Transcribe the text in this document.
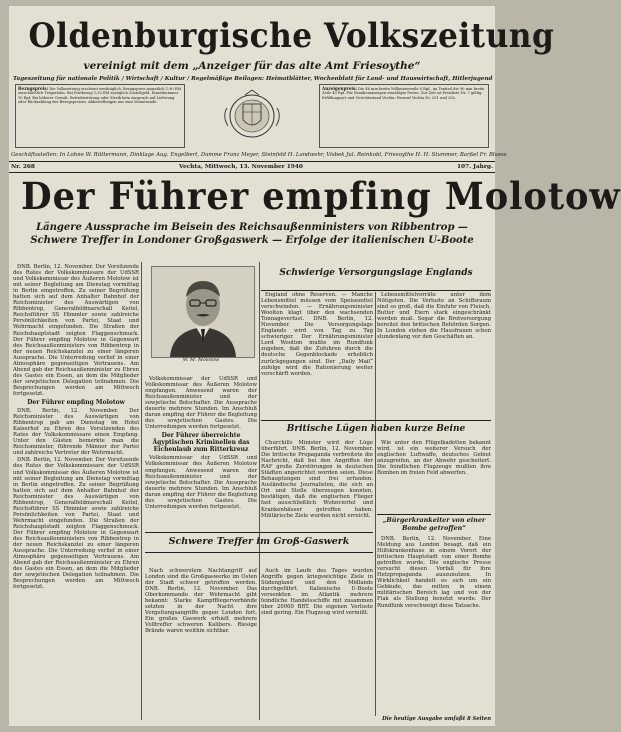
Oldenburgische Volkszeitung
vereinigt mit dem „Anzeiger für das alte Amt Friesoythe“
Tageszeitung für nationale Politik / Wirtschaft / Kultur / Regelmäßige Beilagen: Heimatblätter, Wochenblatt für Land- und Hauswirtschaft, Hitlerjugend
Bezugspreis: Die Volkszeitung erscheint werktäglich. Bezugspreis monatlich 1,90 RM einschließlich Trägerlohn. Bei Postbezug 1,92 RM zuzüglich Zustellgeld. Einzelnummer 10 Rpf. Bei höherer Gewalt, Betriebsstörung oder Streik kein Anspruch auf Lieferung oder Rückzahlung des Bezugspreises. Abbestellungen nur zum Monatsende.
Anzeigenpreis: Die 46 mm breite Millimeterzeile 8 Rpf., im Textteil die 90 mm breite Zeile 40 Rpf. Für Familienanzeigen ermäßigte Preise. Zur Zeit ist Preisliste Nr. 7 gültig. Erfüllungsort und Gerichtsstand Vechta. Fernruf Vechta Nr. 201 und 202.
Geschäftsstellen: In Lohne W. Rüttermann, Dinklage Aug. Engelbert, Damme Franz Meyer, Steinfeld H. Landwehr, Visbek Jul. Reinkobl, Friesoythe H. H. Stummer, Barßel Fr. Blaess
Nr. 268	Vechta, Mittwoch, 13. November 1940	107. Jahrg.
Der Führer empfing Molotow
Längere Aussprache im Beisein des Reichsaußenministers von Ribbentrop — Schwere Treffer in Londoner Großgaswerk — Erfolge der italienischen U-Boote

DNB. Berlin, 12. November. Der Vorsitzende des Rates der Volkskommissare der UdSSR und Volkskommissar des Äußeren Molotow ist mit seiner Begleitung am Dienstag vormittag in Berlin eingetroffen. Zu seiner Begrüßung hatten sich auf dem Anhalter Bahnhof der Reichsminister des Auswärtigen von Ribbentrop, Generalfeldmarschall Keitel, Reichsführer SS Himmler sowie zahlreiche Persönlichkeiten von Partei, Staat und Wehrmacht eingefunden. Die Straßen der Reichshauptstadt zeigten Flaggenschmuck. Der Führer empfing Molotow in Gegenwart des Reichsaußenministers von Ribbentrop in der neuen Reichskanzlei zu einer längeren Aussprache. Die Unterredung verlief in einer Atmosphäre gegenseitigen Vertrauens. Am Abend gab der Reichsaußenminister zu Ehren des Gastes ein Essen, an dem die Mitglieder der sowjetischen Delegation teilnahmen. Die Besprechungen werden am Mittwoch fortgesetzt.

Der Führer empfing Molotow

DNB. Berlin, 12. November. Der Reichsminister des Auswärtigen von Ribbentrop gab am Dienstag im Hotel Kaiserhof zu Ehren des Vorsitzenden des Rates der Volkskommissare einen Empfang. Unter den Gästen bemerkte man die Reichsminister, führende Männer der Partei und zahlreiche Vertreter der Wehrmacht.

DNB. Berlin, 12. November. Der Vorsitzende des Rates der Volkskommissare der UdSSR und Volkskommissar des Äußeren Molotow ist mit seiner Begleitung am Dienstag vormittag in Berlin eingetroffen. Zu seiner Begrüßung hatten sich auf dem Anhalter Bahnhof der Reichsminister des Auswärtigen von Ribbentrop, Generalfeldmarschall Keitel, Reichsführer SS Himmler sowie zahlreiche Persönlichkeiten von Partei, Staat und Wehrmacht eingefunden. Die Straßen der Reichshauptstadt zeigten Flaggenschmuck. Der Führer empfing Molotow in Gegenwart des Reichsaußenministers von Ribbentrop in der neuen Reichskanzlei zu einer längeren Aussprache. Die Unterredung verlief in einer Atmosphäre gegenseitigen Vertrauens. Am Abend gab der Reichsaußenminister zu Ehren des Gastes ein Essen, an dem die Mitglieder der sowjetischen Delegation teilnahmen. Die Besprechungen werden am Mittwoch fortgesetzt.

W. M. Molotow

Volkskommissar der UdSSR und Volkskommissar des Äußeren Molotow empfangen. Anwesend waren der Reichsaußenminister und der sowjetische Botschafter. Die Aussprache dauerte mehrere Stunden. Im Anschluß daran empfing der Führer die Begleitung des sowjetischen Gastes. Die Unterredungen werden fortgesetzt.

Der Führer überreichte Ägyptischen Kriminellen das Eichenlaub zum Ritterkreuz

Volkskommissar der UdSSR und Volkskommissar des Äußeren Molotow empfangen. Anwesend waren der Reichsaußenminister und der sowjetische Botschafter. Die Aussprache dauerte mehrere Stunden. Im Anschluß daran empfing der Führer die Begleitung des sowjetischen Gastes. Die Unterredungen werden fortgesetzt.

Schwierige Versorgungslage Englands

England ohne Reserven. — Manche Lebensmittel müssen vom Speisezettel verschwinden. — Ernährungsminister Woolton klagt über den wachsenden Tonnageverlust. DNB. Berlin, 12. November. Die Versorgungslage Englands wird von Tag zu Tag schwieriger. Der Ernährungsminister Lord Woolton mußte im Rundfunk zugeben, daß die Zufuhren durch die deutsche Gegenblockade erheblich zurückgegangen sind. Der „Daily Mail“ zufolge wird die Rationierung weiter verschärft werden.

Lebensmittelvorräte unter dem Nötigsten. Die Verluste an Schiffsraum sind so groß, daß die Einfuhr von Fleisch, Butter und Eiern stark eingeschränkt werden muß. Sogar die Brotversorgung bereitet den britischen Behörden Sorgen. In London stehen die Hausfrauen schon stundenlang vor den Geschäften an.

Britische Lügen haben kurze Beine

Churchills Minister wird der Lüge überführt. DNB. Berlin, 12. November. Die britische Propaganda verbreitete die Nachricht, daß bei den Angriffen der RAF große Zerstörungen in deutschen Städten angerichtet worden seien. Diese Behauptungen sind frei erfunden. Ausländische Journalisten, die sich an Ort und Stelle überzeugen konnten, bestätigen, daß die englischen Flieger fast ausschließlich Wohnviertel und Krankenhäuser getroffen haben. Militärische Ziele wurden nicht erreicht.

Wie unter den Flügelkadetten bekannt wird, ist ein weiterer Versuch der englischen Luftwaffe, deutsches Gebiet anzugreifen, an der Abwehr gescheitert. Die feindlichen Flugzeuge mußten ihre Bomben im freien Feld abwerfen.

„Bürgerkrankeiter von einer Bombe getroffen“

DNB. Berlin, 12. November. Eine Meldung aus London besagt, daß ein Hilfskrankenhaus in einem Vorort der britischen Hauptstadt von einer Bombe getroffen wurde. Die englische Presse versucht diesen Vorfall für ihre Hetzpropaganda auszunutzen. In Wirklichkeit handelt es sich um ein Gebäude, das mitten in einem militärischen Bereich lag und von der Flak als Stellung benutzt wurde. Der Rundfunk verschweigt diese Tatsache.

Schwere Treffer im Groß-Gaswerk

Nach schwerstem Nachtangriff auf London sind die Großgaswerke im Osten der Stadt schwer getroffen worden. DNB. Berlin, 12. November. Das Oberkommando der Wehrmacht gibt bekannt: Starke Kampffliegerverbände setzten in der Nacht ihre Vergeltungsangriffe gegen London fort. Ein großes Gaswerk erhielt mehrere Volltreffer schweren Kalibers. Riesige Brände waren weithin sichtbar.

Auch im Laufe des Tages wurden Angriffe gegen kriegswichtige Ziele in Südengland und den Midlands durchgeführt. Italienische U-Boote versenkten im Atlantik mehrere feindliche Handelsschiffe mit zusammen über 20000 BRT. Die eigenen Verluste sind gering. Ein Flugzeug wird vermißt.

Die heutige Ausgabe umfaßt 8 Seiten
